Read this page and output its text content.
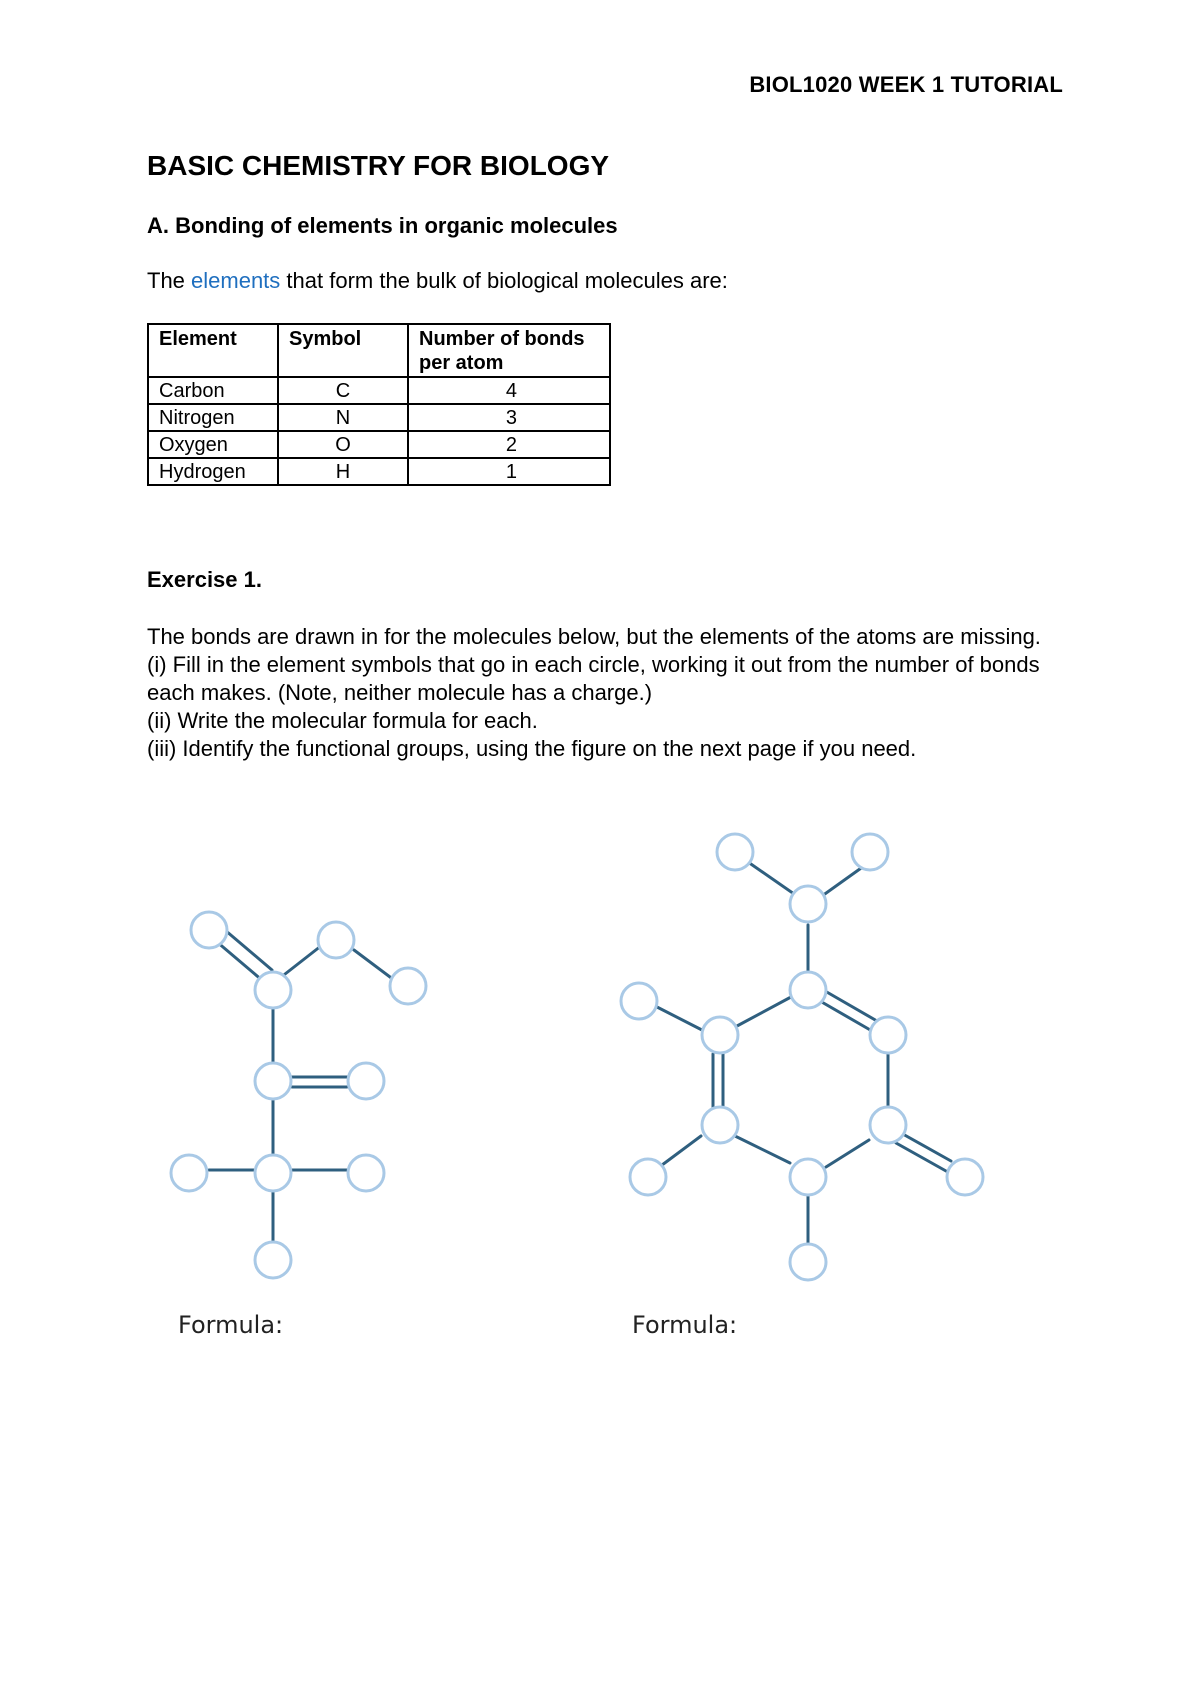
BIOL1020 WEEK 1 TUTORIAL
BASIC CHEMISTRY FOR BIOLOGY
A. Bonding of elements in organic molecules

The elements that form the bulk of biological molecules are:

Element	Symbol	Number of bonds per atom
Carbon	C	4
Nitrogen	N	3
Oxygen	O	2
Hydrogen	H	1
Exercise 1.

The bonds are drawn in for the molecules below, but the elements of the atoms are missing.

(i) Fill in the element symbols that go in each circle, working it out from the number of bonds each makes. (Note, neither molecule has a charge.)

(ii) Write the molecular formula for each.

(iii) Identify the functional groups, using the figure on the next page if you need.

Formula:	Formula:
